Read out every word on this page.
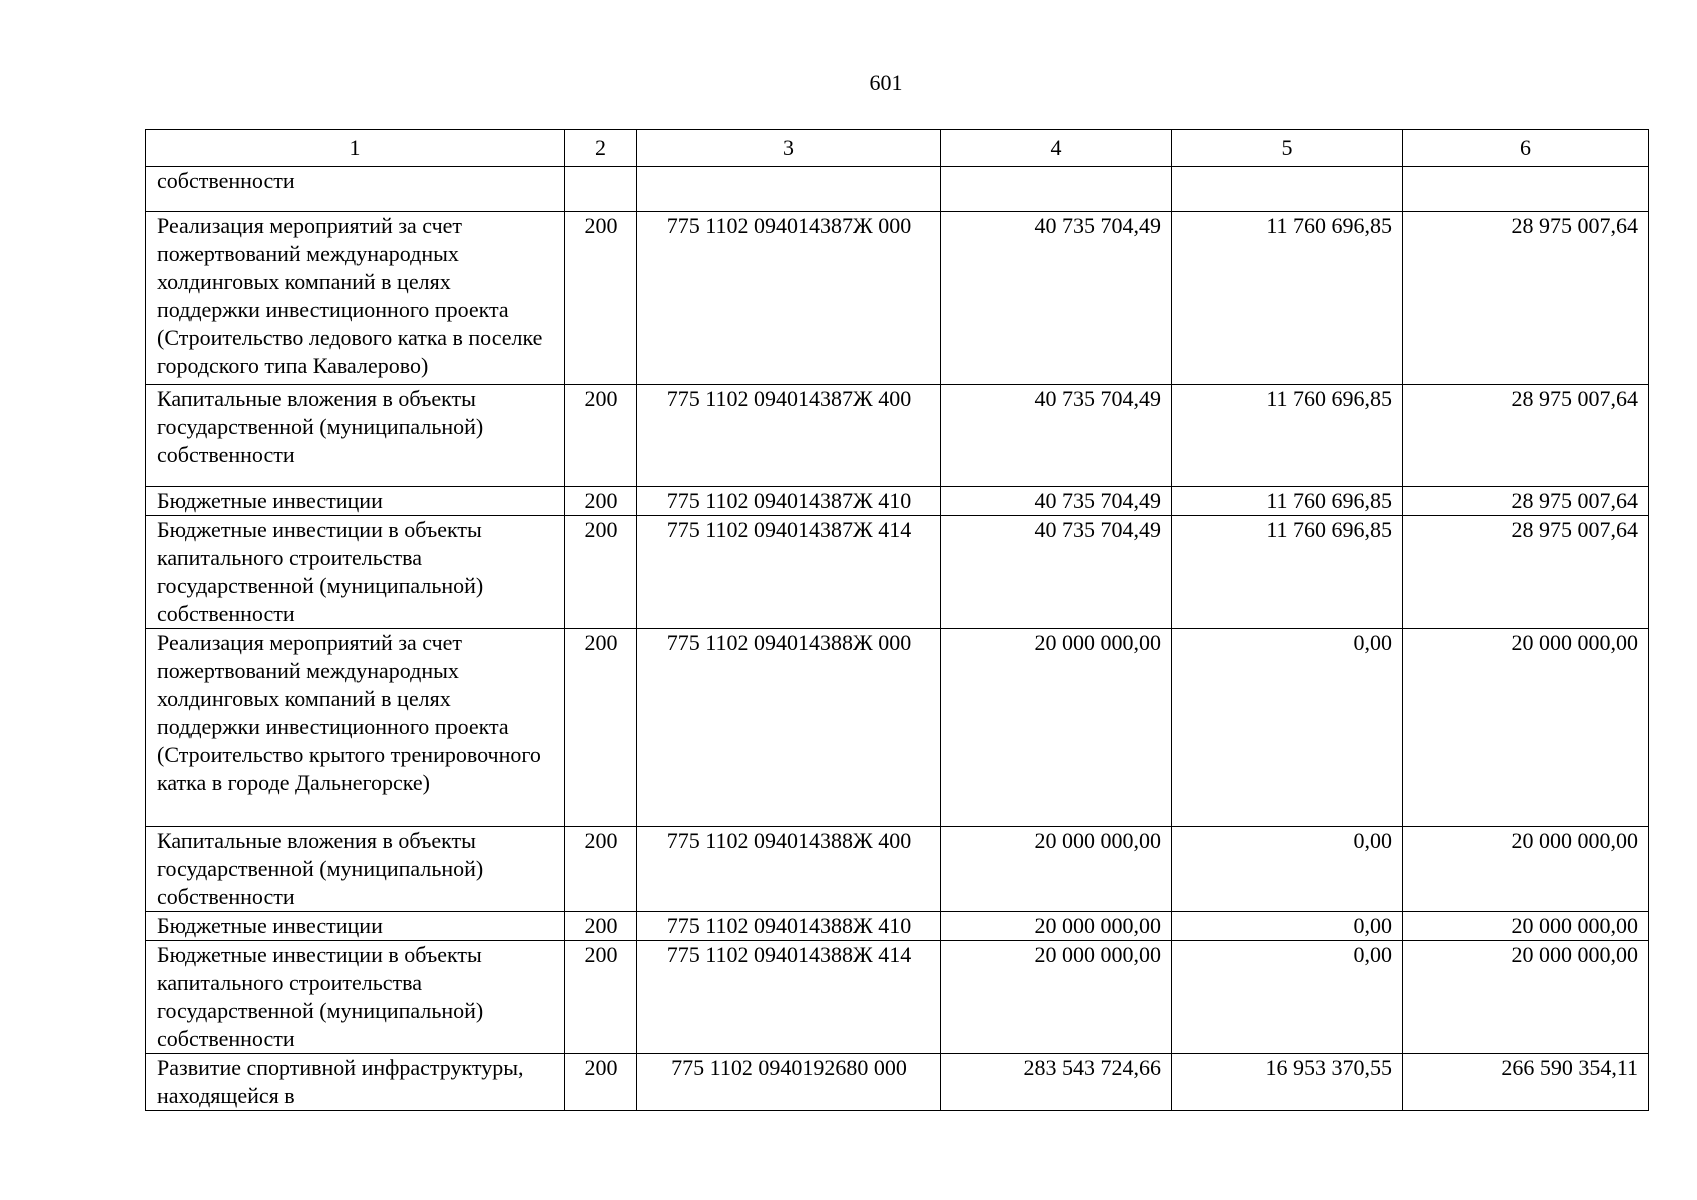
601
1	2	3	4	5	6
собственности					
Реализация мероприятий за счет пожертвований международных холдинговых компаний в целях поддержки инвестиционного проекта (Строительство ледового катка в поселке городского типа Кавалерово)	200	775 1102 094014387Ж 000	40 735 704,49	11 760 696,85	28 975 007,64
Капитальные вложения в объекты государственной (муниципальной) собственности	200	775 1102 094014387Ж 400	40 735 704,49	11 760 696,85	28 975 007,64
Бюджетные инвестиции	200	775 1102 094014387Ж 410	40 735 704,49	11 760 696,85	28 975 007,64
Бюджетные инвестиции в объекты капитального строительства государственной (муниципальной) собственности	200	775 1102 094014387Ж 414	40 735 704,49	11 760 696,85	28 975 007,64
Реализация мероприятий за счет пожертвований международных холдинговых компаний в целях поддержки инвестиционного проекта (Строительство крытого тренировочного катка в городе Дальнегорске)	200	775 1102 094014388Ж 000	20 000 000,00	0,00	20 000 000,00
Капитальные вложения в объекты государственной (муниципальной) собственности	200	775 1102 094014388Ж 400	20 000 000,00	0,00	20 000 000,00
Бюджетные инвестиции	200	775 1102 094014388Ж 410	20 000 000,00	0,00	20 000 000,00
Бюджетные инвестиции в объекты капитального строительства государственной (муниципальной) собственности	200	775 1102 094014388Ж 414	20 000 000,00	0,00	20 000 000,00
Развитие спортивной инфраструктуры, находящейся в	200	775 1102 0940192680 000	283 543 724,66	16 953 370,55	266 590 354,11
